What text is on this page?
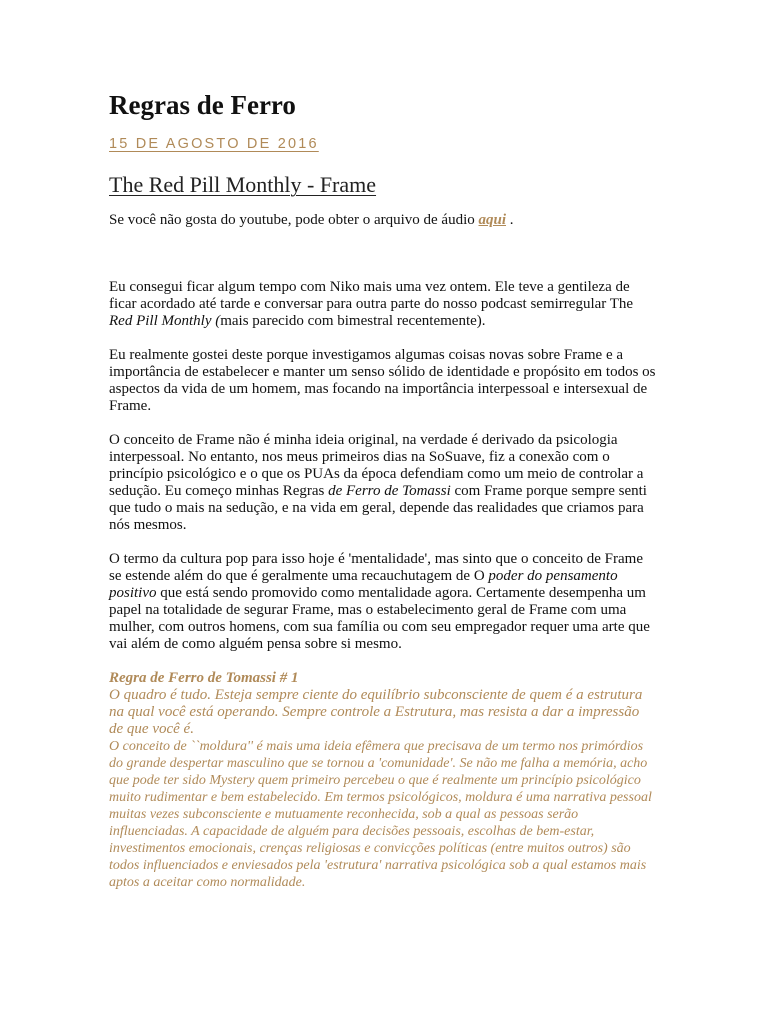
Regras de Ferro
15 DE AGOSTO DE 2016
The Red Pill Monthly - Frame

Se você não gosta do youtube, pode obter o arquivo de áudio aqui .

Eu consegui ficar algum tempo com Niko mais uma vez ontem. Ele teve a gentileza de ficar acordado até tarde e conversar para outra parte do nosso podcast semirregular The Red Pill Monthly (mais parecido com bimestral recentemente).

Eu realmente gostei deste porque investigamos algumas coisas novas sobre Frame e a importância de estabelecer e manter um senso sólido de identidade e propósito em todos os aspectos da vida de um homem, mas focando na importância interpessoal e intersexual de Frame.

O conceito de Frame não é minha ideia original, na verdade é derivado da psicologia interpessoal. No entanto, nos meus primeiros dias na SoSuave, fiz a conexão com o princípio psicológico e o que os PUAs da época defendiam como um meio de controlar a sedução. Eu começo minhas Regras de Ferro de Tomassi com Frame porque sempre senti que tudo o mais na sedução, e na vida em geral, depende das realidades que criamos para nós mesmos.

O termo da cultura pop para isso hoje é 'mentalidade', mas sinto que o conceito de Frame se estende além do que é geralmente uma recauchutagem de O poder do pensamento positivo que está sendo promovido como mentalidade agora. Certamente desempenha um papel na totalidade de segurar Frame, mas o estabelecimento geral de Frame com uma mulher, com outros homens, com sua família ou com seu empregador requer uma arte que vai além de como alguém pensa sobre si mesmo.

Regra de Ferro de Tomassi # 1
O quadro é tudo. Esteja sempre ciente do equilíbrio subconsciente de quem é a estrutura na qual você está operando. Sempre controle a Estrutura, mas resista a dar a impressão de que você é.
O conceito de ``moldura'' é mais uma ideia efêmera que precisava de um termo nos primórdios do grande despertar masculino que se tornou a 'comunidade'. Se não me falha a memória, acho que pode ter sido Mystery quem primeiro percebeu o que é realmente um princípio psicológico muito rudimentar e bem estabelecido. Em termos psicológicos, moldura é uma narrativa pessoal muitas vezes subconsciente e mutuamente reconhecida, sob a qual as pessoas serão influenciadas. A capacidade de alguém para decisões pessoais, escolhas de bem-estar, investimentos emocionais, crenças religiosas e convicções políticas (entre muitos outros) são todos influenciados e enviesados pela 'estrutura' narrativa psicológica sob a qual estamos mais aptos a aceitar como normalidade.
